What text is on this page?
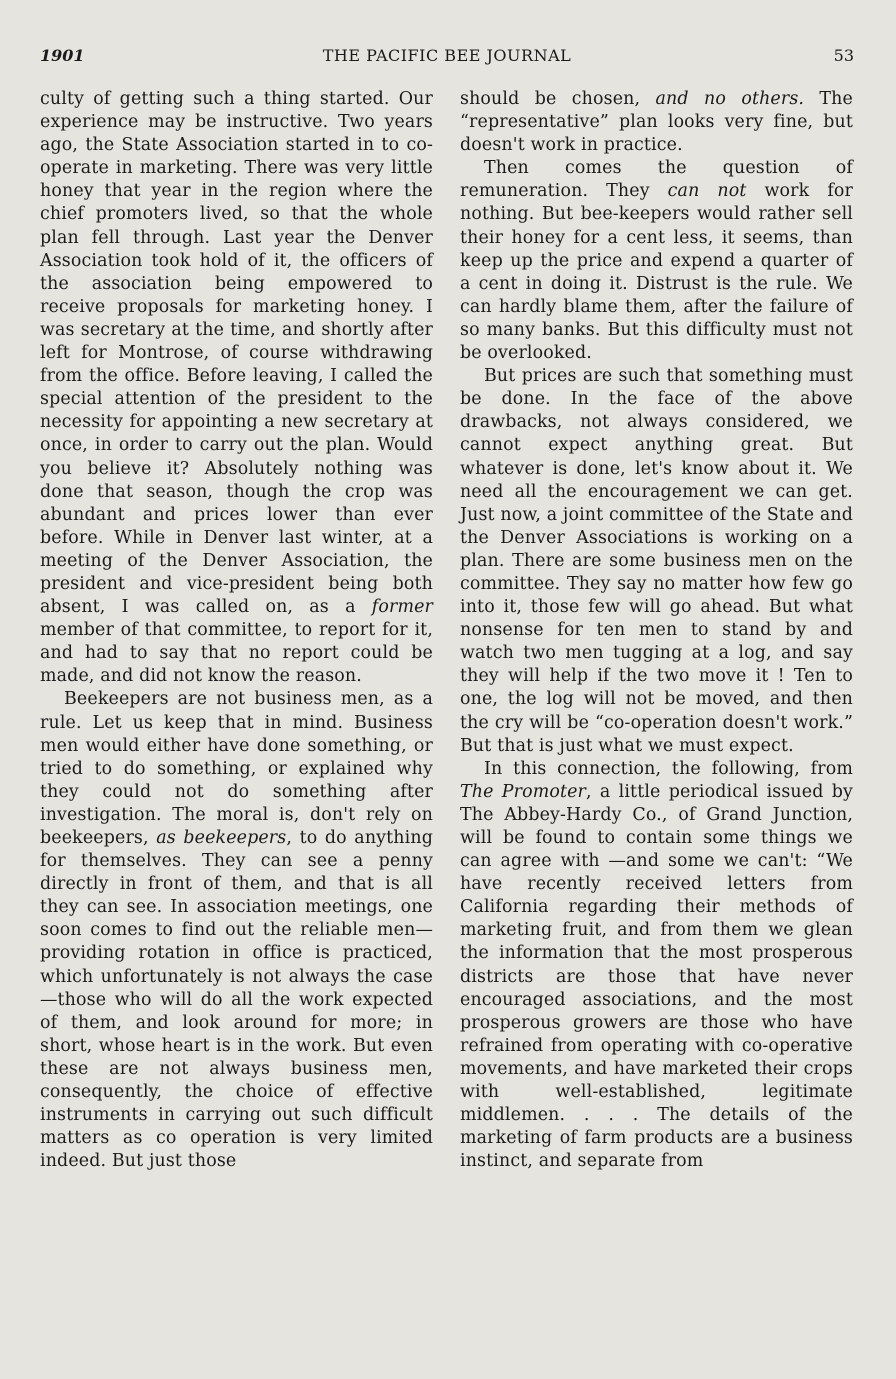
1901	THE PACIFIC BEE JOURNAL	53

culty of getting such a thing started. Our experience may be instructive. Two years ago, the State Association started in to co-operate in marketing. There was very little honey that year in the region where the chief promoters lived, so that the whole plan fell through. Last year the Denver Association took hold of it, the officers of the association being empowered to receive proposals for marketing honey. I was secretary at the time, and shortly after left for Montrose, of course withdrawing from the office. Before leaving, I called the special attention of the president to the necessity for appointing a new secretary at once, in order to carry out the plan. Would you believe it? Absolutely nothing was done that season, though the crop was abundant and prices lower than ever before. While in Denver last winter, at a meeting of the Denver Association, the president and vice-president being both absent, I was called on, as a former member of that committee, to report for it, and had to say that no report could be made, and did not know the reason.

Beekeepers are not business men, as a rule. Let us keep that in mind. Business men would either have done something, or tried to do something, or explained why they could not do something after investigation. The moral is, don't rely on beekeepers, as beekeepers, to do anything for themselves. They can see a penny directly in front of them, and that is all they can see. In association meetings, one soon comes to find out the reliable men—providing rotation in office is practiced, which unfortunately is not always the case—those who will do all the work expected of them, and look around for more; in short, whose heart is in the work. But even these are not always business men, consequently, the choice of effective instruments in carrying out such difficult matters as co operation is very limited indeed. But just those

should be chosen, and no others. The “representative” plan looks very fine, but doesn't work in practice.

Then comes the question of remuneration. They can not work for nothing. But bee-keepers would rather sell their honey for a cent less, it seems, than keep up the price and expend a quarter of a cent in doing it. Distrust is the rule. We can hardly blame them, after the failure of so many banks. But this difficulty must not be overlooked.

But prices are such that something must be done. In the face of the above drawbacks, not always considered, we cannot expect anything great. But whatever is done, let's know about it. We need all the encouragement we can get. Just now, a joint committee of the State and the Denver Associations is working on a plan. There are some business men on the committee. They say no matter how few go into it, those few will go ahead. But what nonsense for ten men to stand by and watch two men tugging at a log, and say they will help if the two move it ! Ten to one, the log will not be moved, and then the cry will be “co-operation doesn't work.” But that is just what we must expect.

In this connection, the following, from The Promoter, a little periodical issued by The Abbey-Hardy Co., of Grand Junction, will be found to contain some things we can agree with —and some we can't: “We have recently received letters from California regarding their methods of marketing fruit, and from them we glean the information that the most prosperous districts are those that have never encouraged associations, and the most prosperous growers are those who have refrained from operating with co-operative movements, and have marketed their crops with well-established, legitimate middlemen. . . . The details of the marketing of farm products are a business instinct, and separate from
